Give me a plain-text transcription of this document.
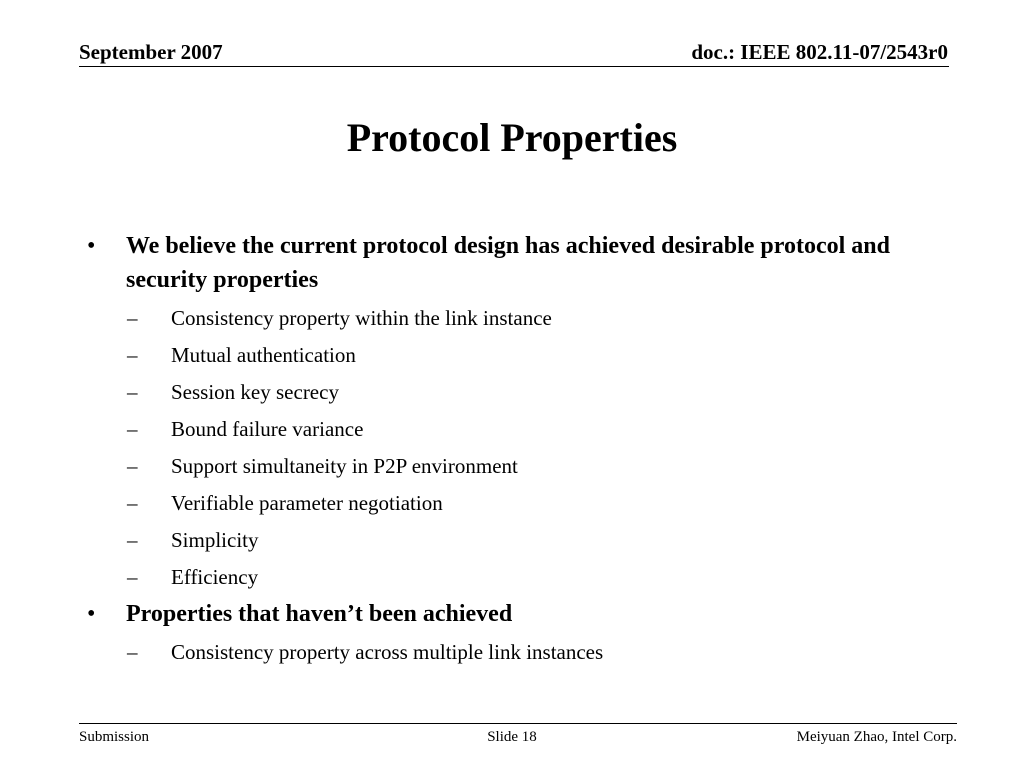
September 2007	doc.: IEEE 802.11-07/2543r0
Protocol Properties
• We believe the current protocol design has achieved desirable protocol and security properties
– Consistency property within the link instance
– Mutual authentication
– Session key secrecy
– Bound failure variance
– Support simultaneity in P2P environment
– Verifiable parameter negotiation
– Simplicity
– Efficiency
• Properties that haven’t been achieved
– Consistency property across multiple link instances
Submission	Slide 18	Meiyuan Zhao, Intel Corp.
